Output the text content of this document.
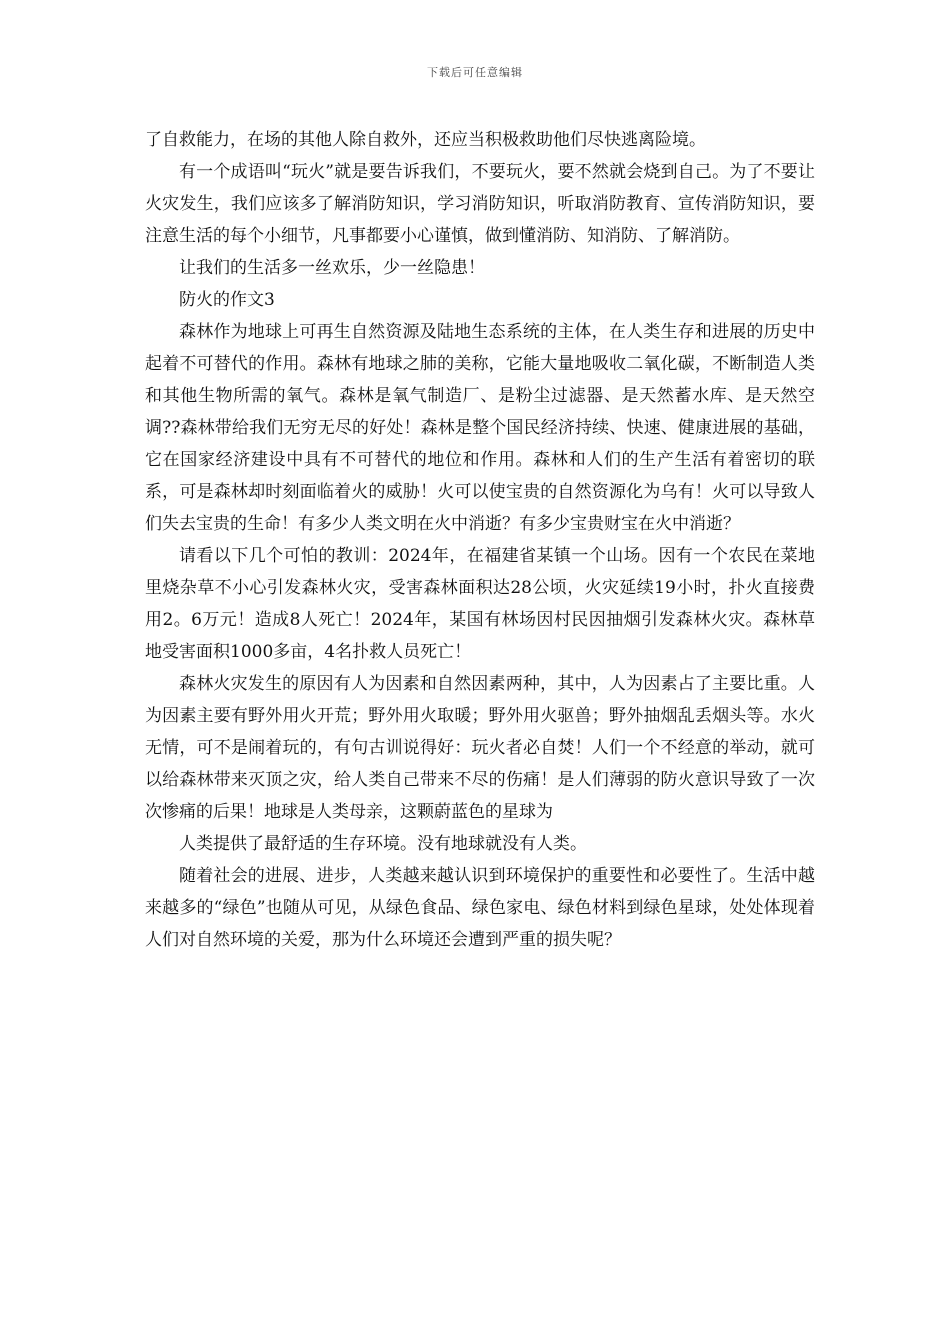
下载后可任意编辑

了自救能力，在场的其他人除自救外，还应当积极救助他们尽快逃离险境。

有一个成语叫“玩火”就是要告诉我们，不要玩火，要不然就会烧到自己。为了不要让火灾发生，我们应该多了解消防知识，学习消防知识，听取消防教育、宣传消防知识，要注意生活的每个小细节，凡事都要小心谨慎，做到懂消防、知消防、了解消防。

让我们的生活多一丝欢乐，少一丝隐患！

防火的作文3

森林作为地球上可再生自然资源及陆地生态系统的主体，在人类生存和进展的历史中起着不可替代的作用。森林有地球之肺的美称，它能大量地吸收二氧化碳，不断制造人类和其他生物所需的氧气。森林是氧气制造厂、是粉尘过滤器、是天然蓄水库、是天然空调??森林带给我们无穷无尽的好处！森林是整个国民经济持续、快速、健康进展的基础，它在国家经济建设中具有不可替代的地位和作用。森林和人们的生产生活有着密切的联系，可是森林却时刻面临着火的威胁！火可以使宝贵的自然资源化为乌有！火可以导致人们失去宝贵的生命！有多少人类文明在火中消逝？有多少宝贵财宝在火中消逝？

请看以下几个可怕的教训：2024年，在福建省某镇一个山场。因有一个农民在菜地里烧杂草不小心引发森林火灾，受害森林面积达28公顷，火灾延续19小时，扑火直接费用2。6万元！造成8人死亡！2024年，某国有林场因村民因抽烟引发森林火灾。森林草地受害面积1000多亩，4名扑救人员死亡！

森林火灾发生的原因有人为因素和自然因素两种，其中，人为因素占了主要比重。人为因素主要有野外用火开荒；野外用火取暖；野外用火驱兽；野外抽烟乱丢烟头等。水火无情，可不是闹着玩的，有句古训说得好：玩火者必自焚！人们一个不经意的举动，就可以给森林带来灭顶之灾，给人类自己带来不尽的伤痛！是人们薄弱的防火意识导致了一次次惨痛的后果！地球是人类母亲，这颗蔚蓝色的星球为

人类提供了最舒适的生存环境。没有地球就没有人类。

随着社会的进展、进步，人类越来越认识到环境保护的重要性和必要性了。生活中越来越多的“绿色”也随从可见，从绿色食品、绿色家电、绿色材料到绿色星球，处处体现着人们对自然环境的关爱，那为什么环境还会遭到严重的损失呢？
